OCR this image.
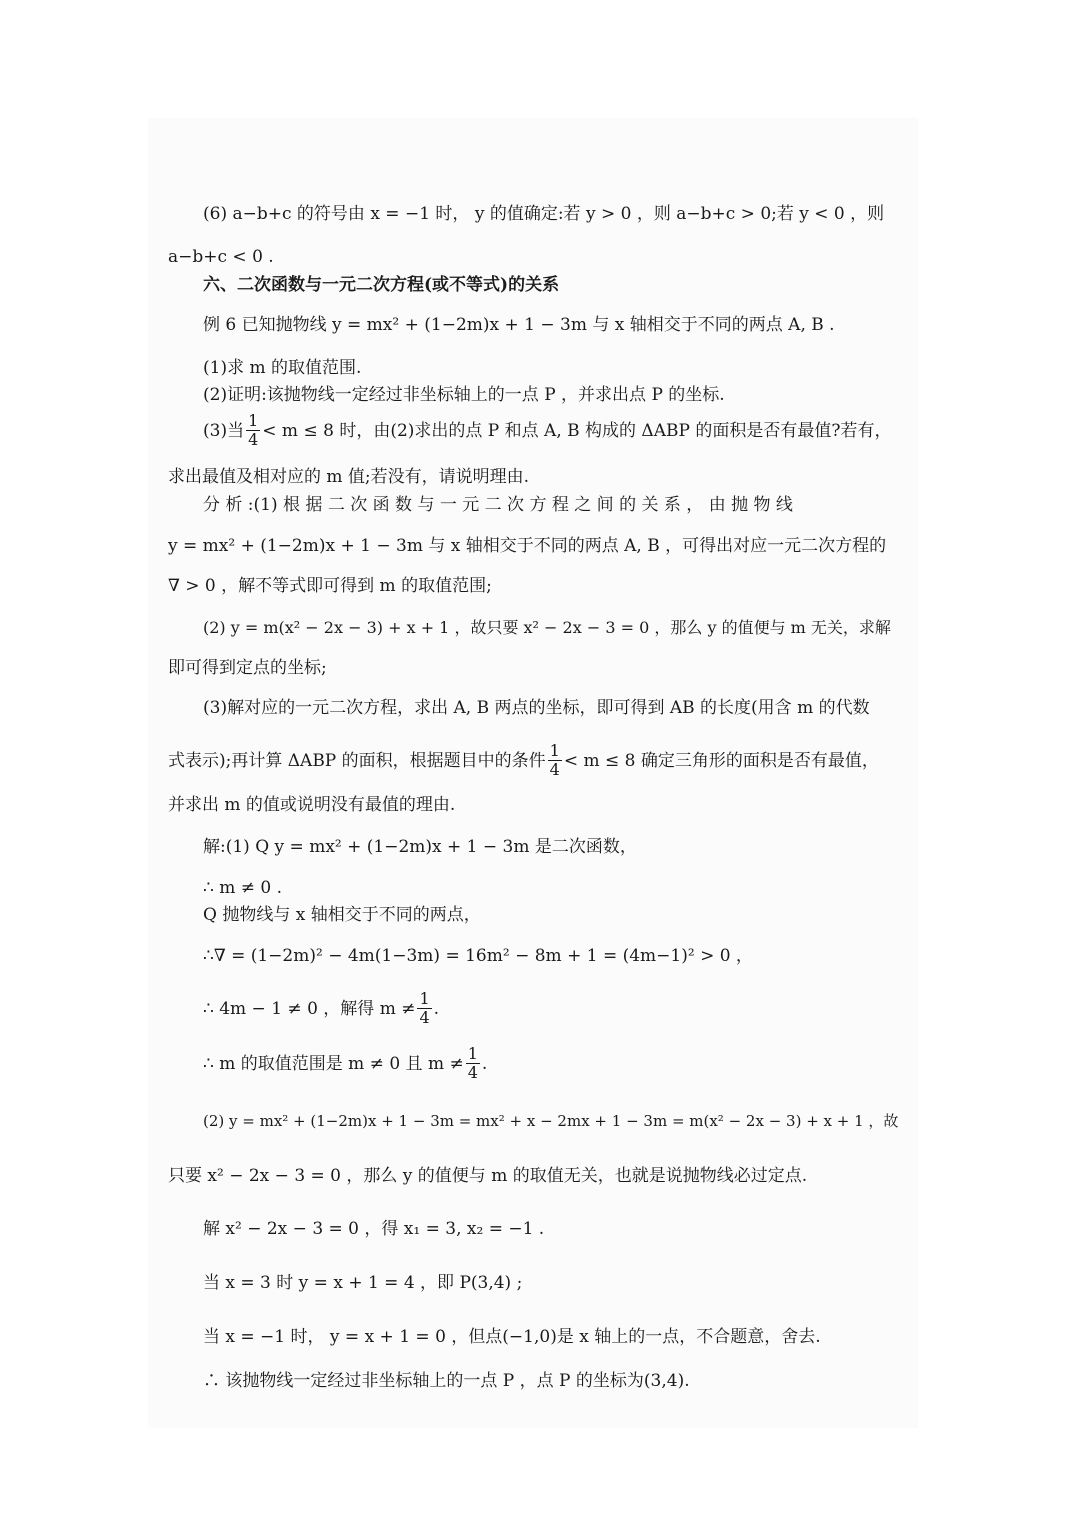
(6) a−b+c 的符号由 x = −1 时， y 的值确定:若 y > 0 ，则 a−b+c > 0;若 y < 0 ，则
a−b+c < 0 .
六、二次函数与一元二次方程(或不等式)的关系
例 6 已知抛物线 y = mx² + (1−2m)x + 1 − 3m 与 x 轴相交于不同的两点 A, B .
(1)求 m 的取值范围.
(2)证明:该抛物线一定经过非坐标轴上的一点 P ，并求出点 P 的坐标.
(3)当 $\frac{1}{4} < m \le 8$ 时，由(2)求出的点 P 和点 A, B 构成的 ΔABP 的面积是否有最值?若有，
求出最值及相对应的 m 值;若没有，请说明理由.
分 析 :(1) 根 据 二 次 函 数 与 一 元 二 次 方 程 之 间 的 关 系 ， 由 抛 物 线
y = mx² + (1−2m)x + 1 − 3m 与 x 轴相交于不同的两点 A, B ，可得出对应一元二次方程的
∇ > 0 ，解不等式即可得到 m 的取值范围;
(2) y = m(x² − 2x − 3) + x + 1 ，故只要 x² − 2x − 3 = 0 ，那么 y 的值便与 m 无关，求解
即可得到定点的坐标;
(3)解对应的一元二次方程，求出 A, B 两点的坐标，即可得到 AB 的长度(用含 m 的代数
式表示);再计算 ΔABP 的面积，根据题目中的条件 $\frac{1}{4} < m \le 8$ 确定三角形的面积是否有最值，
并求出 m 的值或说明没有最值的理由.
解:(1) Q y = mx² + (1−2m)x + 1 − 3m 是二次函数，
∴ m ≠ 0 .
Q 抛物线与 x 轴相交于不同的两点，
∴∇ = (1−2m)² − 4m(1−3m) = 16m² − 8m + 1 = (4m−1)² > 0 ，
∴ 4m − 1 ≠ 0 ，解得 $m \ne \frac{1}{4}$ .
∴ m 的取值范围是 m ≠ 0 且 $m \ne \frac{1}{4}$ .
(2) y = mx² + (1−2m)x + 1 − 3m = mx² + x − 2mx + 1 − 3m = m(x² − 2x − 3) + x + 1 ，故
只要 x² − 2x − 3 = 0 ，那么 y 的值便与 m 的取值无关，也就是说抛物线必过定点.
解 x² − 2x − 3 = 0 ，得 x₁ = 3, x₂ = −1 .
当 x = 3 时 y = x + 1 = 4 ，即 P(3,4) ;
当 x = −1 时， y = x + 1 = 0 ，但点(−1,0)是 x 轴上的一点，不合题意，舍去.
∴ 该抛物线一定经过非坐标轴上的一点 P ，点 P 的坐标为(3,4).
